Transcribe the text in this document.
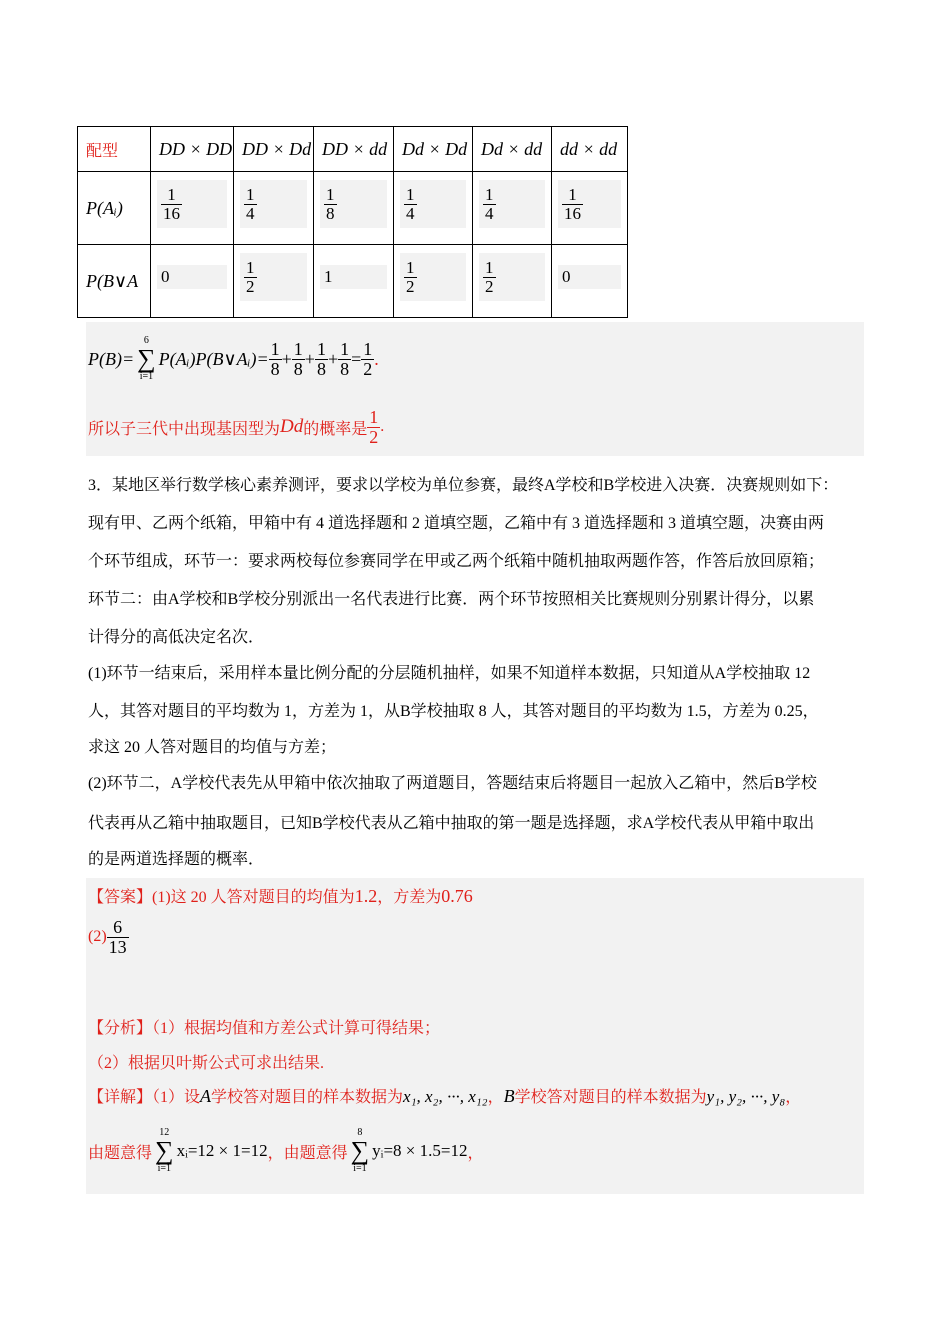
配型	DD × DD	DD × Dd	DD × dd	Dd × Dd	Dd × dd	dd × dd
P(Aᵢ)	$\frac{1}{16}$	$\frac{1}{4}$	$\frac{1}{8}$	$\frac{1}{4}$	$\frac{1}{4}$	$\frac{1}{16}$

P(B∨A	0	$\frac{1}{2}$	1	$\frac{1}{2}$	$\frac{1}{2}$	0
P(B)=
6
∑
i=1
P(Aᵢ)P(B∨Aᵢ)= $\frac{1}{8} + \frac{1}{8} + \frac{1}{8} + \frac{1}{8} = \frac{1}{2}$ .
所以子三代中出现基因型为 Dd 的概率是 $\frac{1}{2}$ .
3．某地区举行数学核心素养测评，要求以学校为单位参赛，最终A学校和B学校进入决赛．决赛规则如下：
现有甲、乙两个纸箱，甲箱中有 4 道选择题和 2 道填空题，乙箱中有 3 道选择题和 3 道填空题，决赛由两
个环节组成，环节一：要求两校每位参赛同学在甲或乙两个纸箱中随机抽取两题作答，作答后放回原箱；
环节二：由A学校和B学校分别派出一名代表进行比赛．两个环节按照相关比赛规则分别累计得分，以累
计得分的高低决定名次．
(1)环节一结束后，采用样本量比例分配的分层随机抽样，如果不知道样本数据，只知道从A学校抽取 12
人，其答对题目的平均数为 1，方差为 1，从B学校抽取 8 人，其答对题目的平均数为 1.5，方差为 0.25，
求这 20 人答对题目的均值与方差；
(2)环节二，A学校代表先从甲箱中依次抽取了两道题目，答题结束后将题目一起放入乙箱中，然后B学校
代表再从乙箱中抽取题目，已知B学校代表从乙箱中抽取的第一题是选择题，求A学校代表从甲箱中取出
的是两道选择题的概率．
【答案】(1)这 20 人答对题目的均值为1.2，方差为0.76
$(2) \frac{6}{13}$
【分析】（1）根据均值和方差公式计算可得结果；
（2）根据贝叶斯公式可求出结果.
【详解】（1）设A学校答对题目的样本数据为x₁, x₂, ···, x₁₂，B学校答对题目的样本数据为y₁, y₂, ···, y₈，
由题意得
12
∑
i=1
xᵢ=12 × 1=12 ，由题意得
8
∑
i=1
yᵢ=8 × 1.5=12 ，
